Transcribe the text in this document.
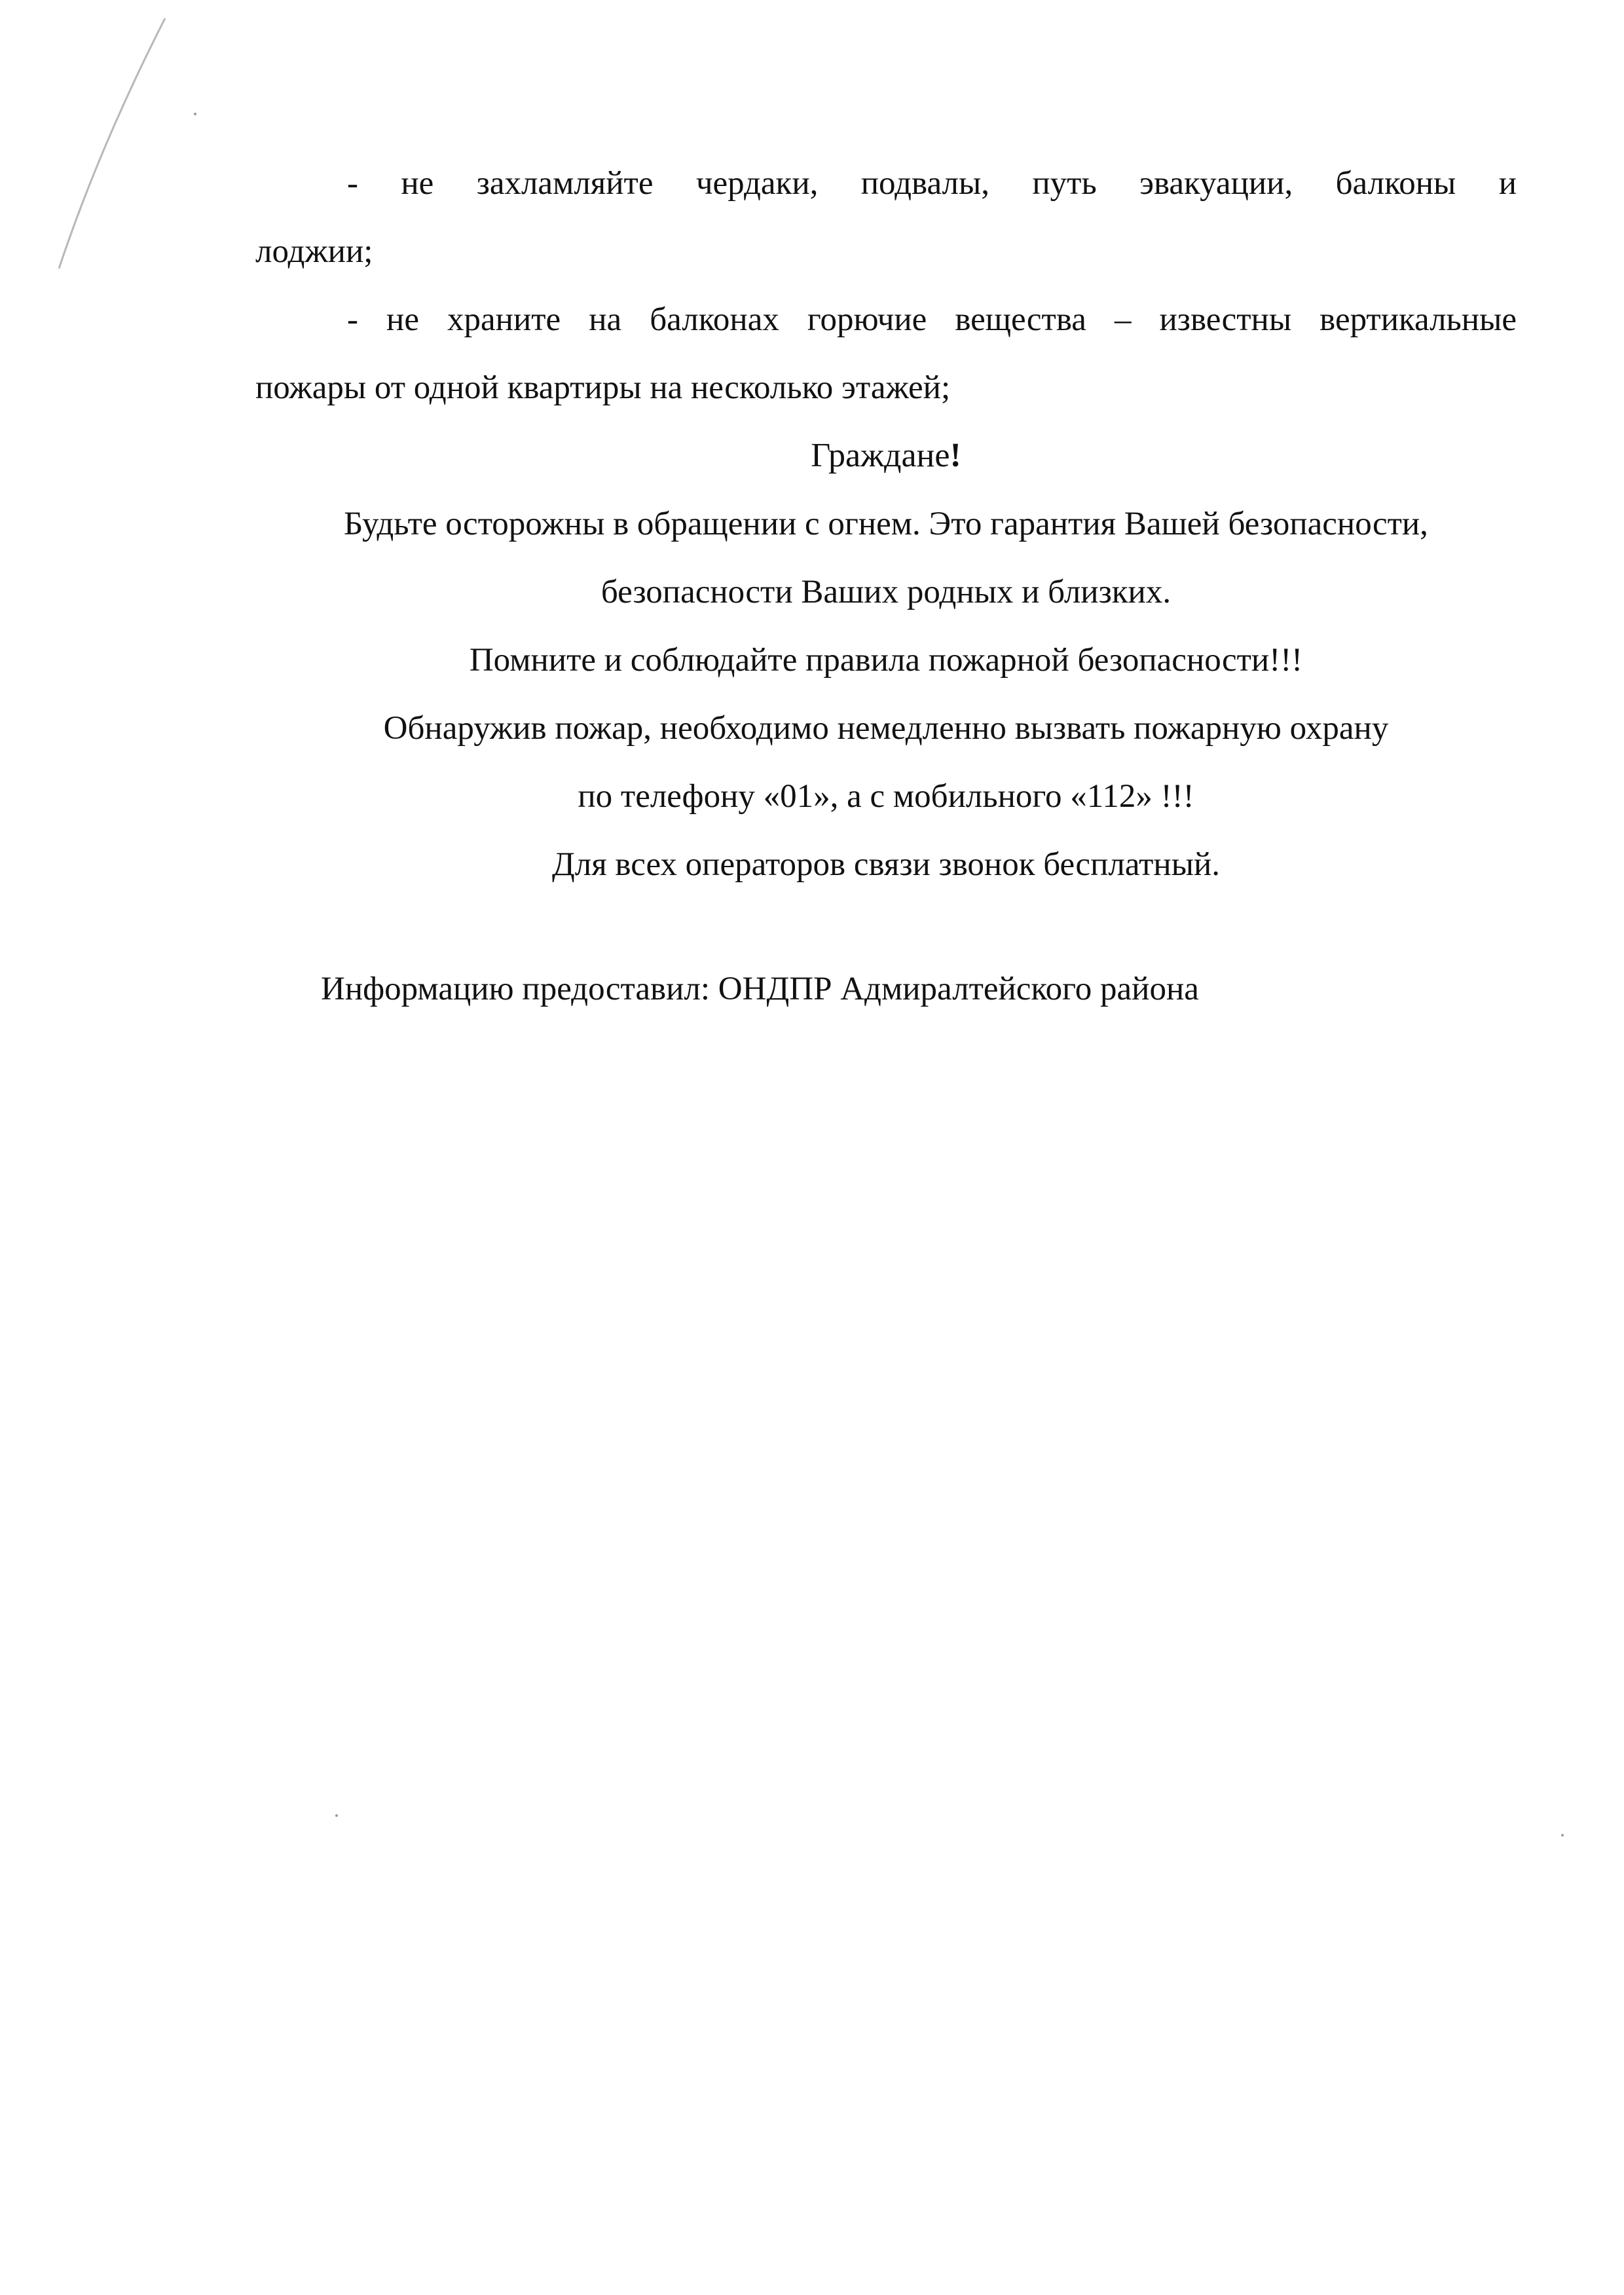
- не захламляйте чердаки, подвалы, путь эвакуации, балконы и
лоджии;
- не храните на балконах горючие вещества – известны вертикальные
пожары от одной квартиры на несколько этажей;

Граждане!

Будьте осторожны в обращении с огнем. Это гарантия Вашей безопасности,

безопасности Ваших родных и близких.

Помните и соблюдайте правила пожарной безопасности!!!

Обнаружив пожар, необходимо немедленно вызвать пожарную охрану

по телефону «01», а с мобильного «112» !!!

Для всех операторов связи звонок бесплатный.

Информацию предоставил: ОНДПР Адмиралтейского района
